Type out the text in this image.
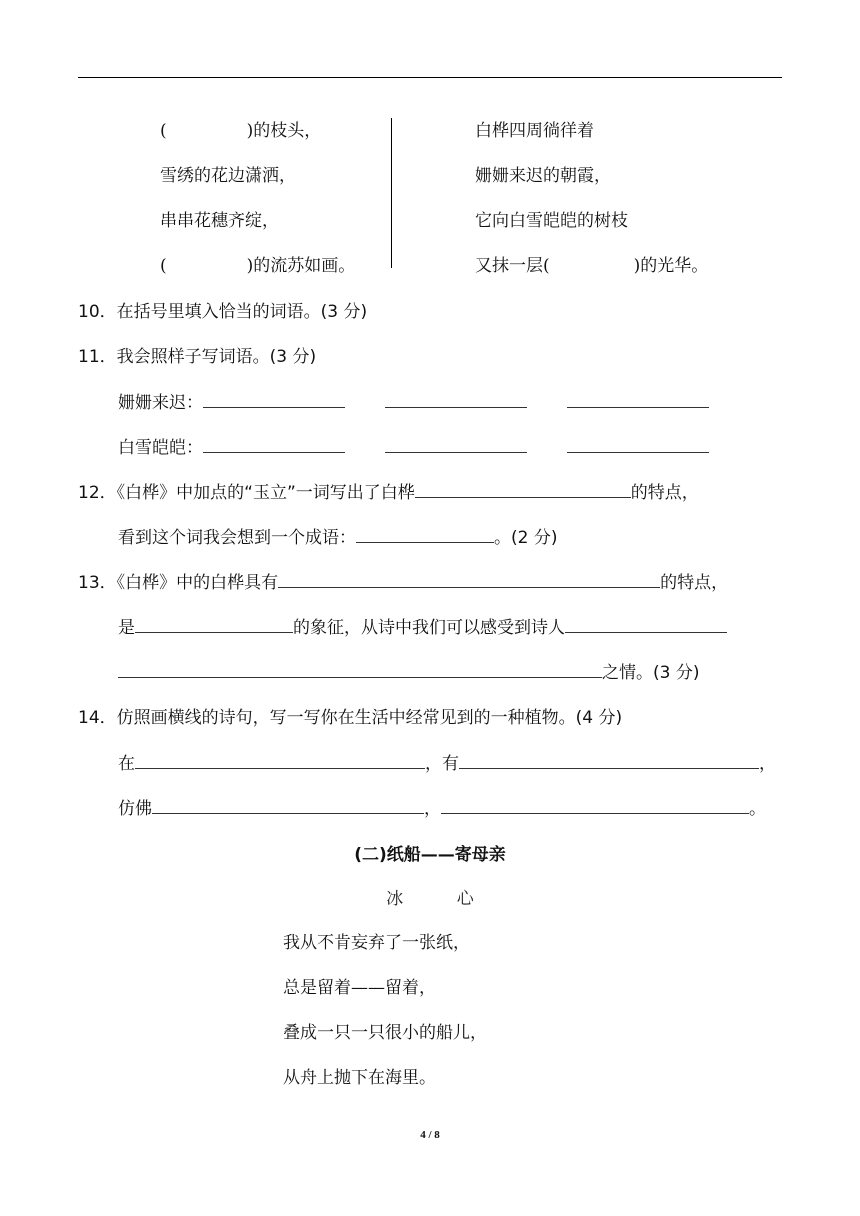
(	)的枝头，
雪绣的花边潇洒，
串串花穗齐绽，
(	)的流苏如画。
白桦四周徜徉着
姗姗来迟的朝霞，
它向白雪皑皑的树枝
又抹一层(	)的光华。
10．在括号里填入恰当的词语。(3 分)
11．我会照样子写词语。(3 分)
姗姗来迟：
白雪皑皑：
12．《白桦》中加点的“玉立”一词写出了白桦	的特点，
看到这个词我会想到一个成语：	。(2 分)
13．《白桦》中的白桦具有	的特点，
是	的象征，从诗中我们可以感受到诗人
之情。(3 分)
14．仿照画横线的诗句，写一写你在生活中经常见到的一种植物。(4 分)
在	，有	，
仿佛	，	。
(二)纸船——寄母亲
冰 心
我从不肯妄弃了一张纸，
总是留着——留着，
叠成一只一只很小的船儿，
从舟上抛下在海里。
4 / 8
